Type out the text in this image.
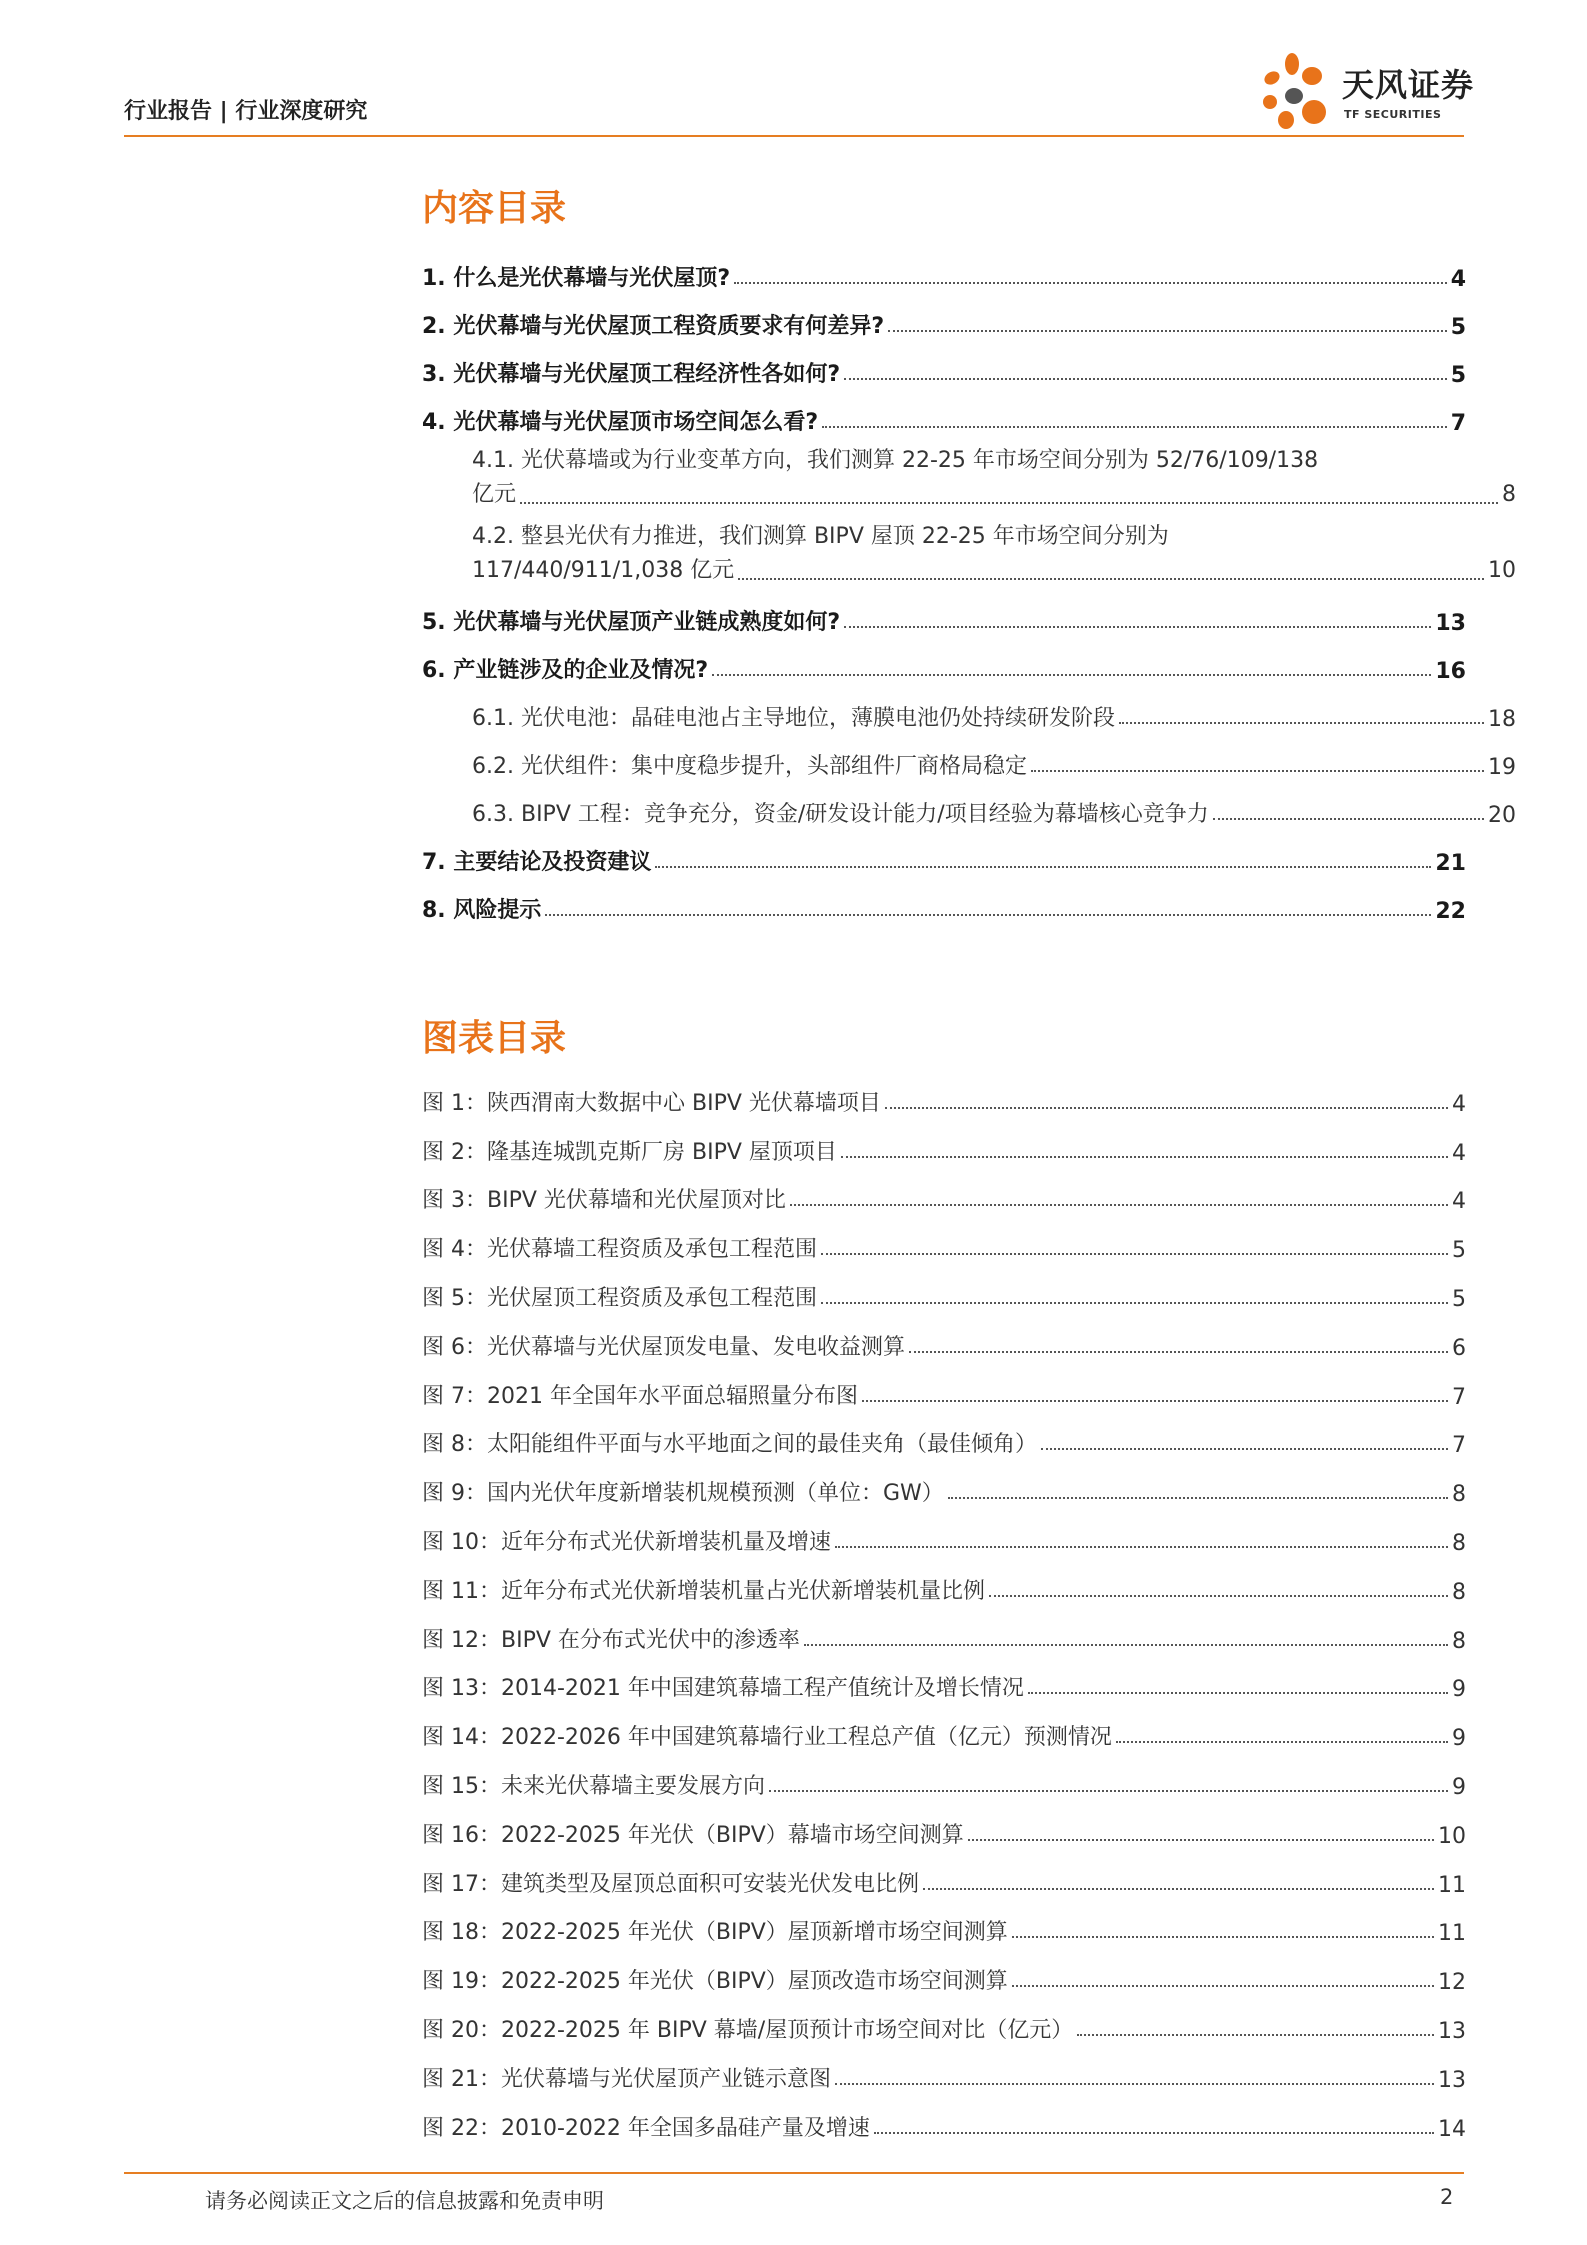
行业报告 | 行业深度研究
天风证券
TF SECURITIES
内容目录
1. 什么是光伏幕墙与光伏屋顶?	4
2. 光伏幕墙与光伏屋顶工程资质要求有何差异?	5
3. 光伏幕墙与光伏屋顶工程经济性各如何?	5
4. 光伏幕墙与光伏屋顶市场空间怎么看?	7
4.1. 光伏幕墙或为行业变革方向，我们测算 22-25 年市场空间分别为 52/76/109/138
亿元	8
4.2. 整县光伏有力推进，我们测算 BIPV 屋顶 22-25 年市场空间分别为
117/440/911/1,038 亿元	10
5. 光伏幕墙与光伏屋顶产业链成熟度如何?	13
6. 产业链涉及的企业及情况?	16
6.1. 光伏电池：晶硅电池占主导地位，薄膜电池仍处持续研发阶段	18
6.2. 光伏组件：集中度稳步提升，头部组件厂商格局稳定	19
6.3. BIPV 工程：竞争充分，资金/研发设计能力/项目经验为幕墙核心竞争力	20
7. 主要结论及投资建议	21
8. 风险提示	22
图表目录
图 1：陕西渭南大数据中心 BIPV 光伏幕墙项目	4
图 2：隆基连城凯克斯厂房 BIPV 屋顶项目	4
图 3：BIPV 光伏幕墙和光伏屋顶对比	4
图 4：光伏幕墙工程资质及承包工程范围	5
图 5：光伏屋顶工程资质及承包工程范围	5
图 6：光伏幕墙与光伏屋顶发电量、发电收益测算	6
图 7：2021 年全国年水平面总辐照量分布图	7
图 8：太阳能组件平面与水平地面之间的最佳夹角（最佳倾角）	7
图 9：国内光伏年度新增装机规模预测（单位：GW）	8
图 10：近年分布式光伏新增装机量及增速	8
图 11：近年分布式光伏新增装机量占光伏新增装机量比例	8
图 12：BIPV 在分布式光伏中的渗透率	8
图 13：2014-2021 年中国建筑幕墙工程产值统计及增长情况	9
图 14：2022-2026 年中国建筑幕墙行业工程总产值（亿元）预测情况	9
图 15：未来光伏幕墙主要发展方向	9
图 16：2022-2025 年光伏（BIPV）幕墙市场空间测算	10
图 17：建筑类型及屋顶总面积可安装光伏发电比例	11
图 18：2022-2025 年光伏（BIPV）屋顶新增市场空间测算	11
图 19：2022-2025 年光伏（BIPV）屋顶改造市场空间测算	12
图 20：2022-2025 年 BIPV 幕墙/屋顶预计市场空间对比（亿元）	13
图 21：光伏幕墙与光伏屋顶产业链示意图	13
图 22：2010-2022 年全国多晶硅产量及增速	14
请务必阅读正文之后的信息披露和免责申明	2
